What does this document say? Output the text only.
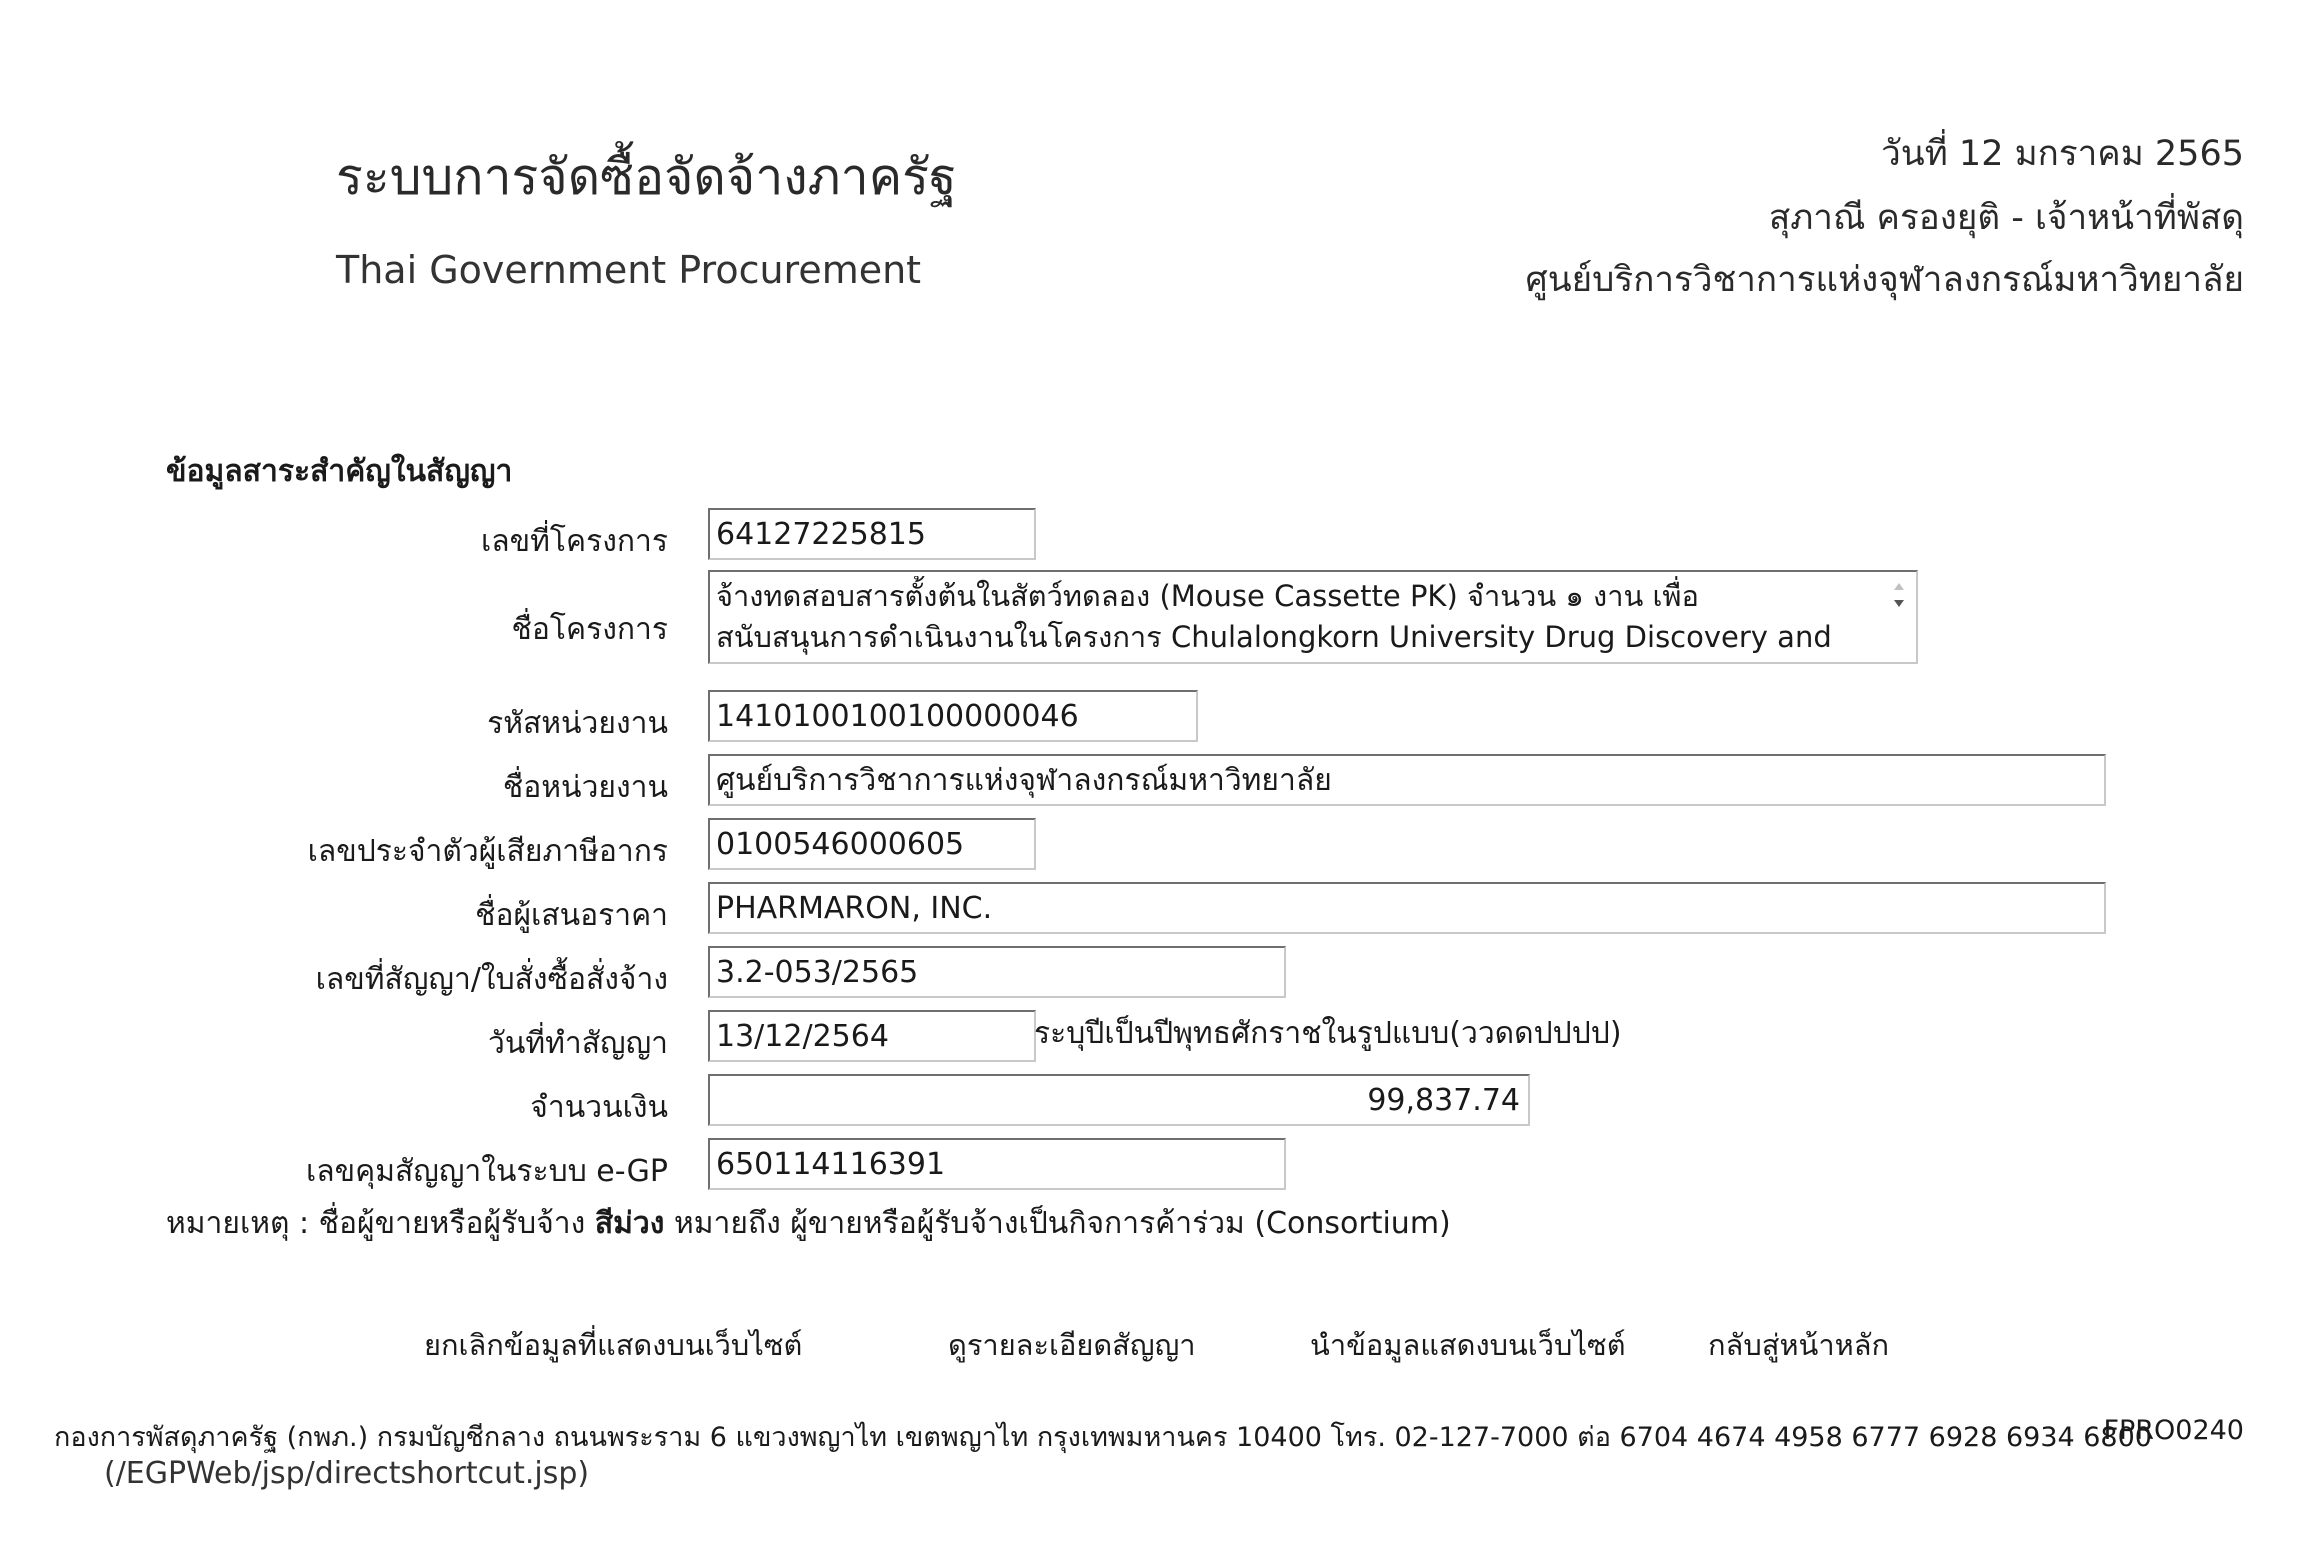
ระบบการจัดซื้อจัดจ้างภาครัฐ
Thai Government Procurement
วันที่ 12 มกราคม 2565
สุภาณี ครองยุติ - เจ้าหน้าที่พัสดุ
ศูนย์บริการวิชาการแห่งจุฬาลงกรณ์มหาวิทยาลัย
ข้อมูลสาระสำคัญในสัญญา
เลขที่โครงการ 64127225815
ชื่อโครงการ
จ้างทดสอบสารตั้งต้นในสัตว์ทดลอง (Mouse Cassette PK) จำนวน ๑ งาน เพื่อ
สนับสนุนการดำเนินงานในโครงการ Chulalongkorn University Drug Discovery and
รหัสหน่วยงาน 1410100100100000046
ชื่อหน่วยงาน ศูนย์บริการวิชาการแห่งจุฬาลงกรณ์มหาวิทยาลัย
เลขประจำตัวผู้เสียภาษีอากร 0100546000605
ชื่อผู้เสนอราคา PHARMARON, INC.
เลขที่สัญญา/ใบสั่งซื้อสั่งจ้าง 3.2-053/2565
วันที่ทำสัญญา 13/12/2564	ระบุปีเป็นปีพุทธศักราชในรูปแบบ(ววดดปปปป)
จำนวนเงิน	99,837.74
เลขคุมสัญญาในระบบ e-GP 650114116391
หมายเหตุ : ชื่อผู้ขายหรือผู้รับจ้าง สีม่วง หมายถึง ผู้ขายหรือผู้รับจ้างเป็นกิจการค้าร่วม (Consortium)
ยกเลิกข้อมูลที่แสดงบนเว็บไซต์	ดูรายละเอียดสัญญา	นำข้อมูลแสดงบนเว็บไซต์	กลับสู่หน้าหลัก
กองการพัสดุภาครัฐ (กพภ.) กรมบัญชีกลาง ถนนพระราม 6 แขวงพญาไท เขตพญาไท กรุงเทพมหานคร 10400 โทร. 02-127-7000 ต่อ 6704 4674 4958 6777 6928 6934 6800
FPRO0240
(/EGPWeb/jsp/directshortcut.jsp)
